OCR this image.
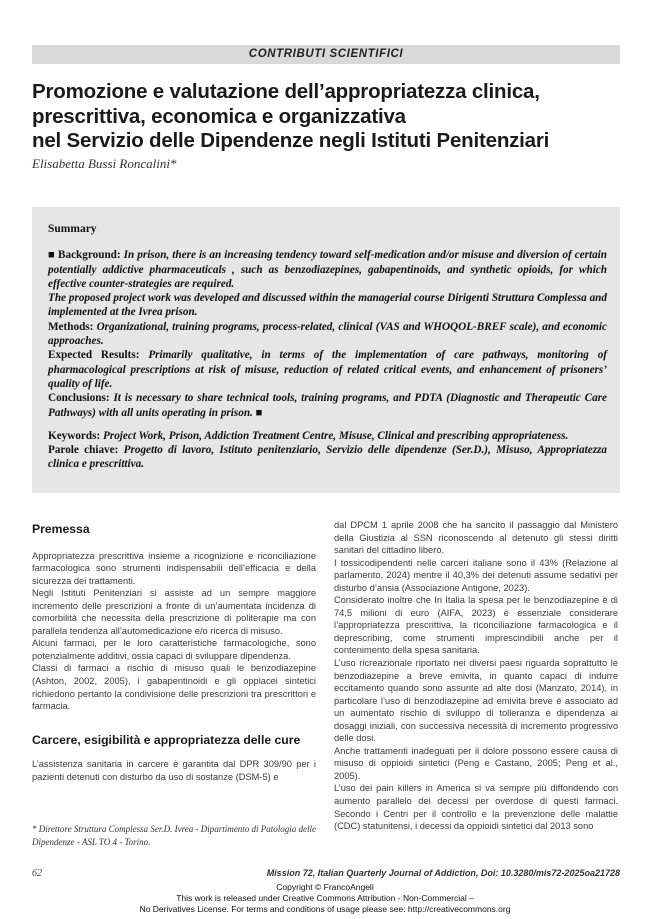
CONTRIBUTI SCIENTIFICI
Promozione e valutazione dell’appropriatezza clinica,
prescrittiva, economica e organizzativa
nel Servizio delle Dipendenze negli Istituti Penitenziari
Elisabetta Bussi Roncalini*
Summary

■ Background: In prison, there is an increasing tendency toward self-medication and/or misuse and diversion of certain potentially addictive pharmaceuticals , such as benzodiazepines, gabapentinoids, and synthetic opioids, for which effective counter-strategies are required.

The proposed project work was developed and discussed within the managerial course Dirigenti Struttura Complessa and implemented at the Ivrea prison.

Methods: Organizational, training programs, process-related, clinical (VAS and WHOQOL-BREF scale), and economic approaches.

Expected Results: Primarily qualitative, in terms of the implementation of care pathways, monitoring of pharmacological prescriptions at risk of misuse, reduction of related critical events, and enhancement of prisoners’ quality of life.

Conclusions: It is necessary to share technical tools, training programs, and PDTA (Diagnostic and Therapeutic Care Pathways) with all units operating in prison. ■

Keywords: Project Work, Prison, Addiction Treatment Centre, Misuse, Clinical and prescribing appropriateness.

Parole chiave: Progetto di lavoro, Istituto penitenziario, Servizio delle dipendenze (Ser.D.), Misuso, Appropriatezza clinica e prescrittiva.

Premessa

Appropriatezza prescrittiva insieme a ricognizione e riconciliazione farmacologica sono strumenti indispensabili dell’efficacia e della sicurezza dei trattamenti.

Negli Istituti Penitenziari si assiste ad un sempre maggiore incremento delle prescrizioni a fronte di un’aumentata incidenza di comorbilità che necessita della prescrizione di politerapie ma con parallela tendenza all’automedicazione e/o ricerca di misuso.

Alcuni farmaci, per le loro caratteristiche farmacologiche, sono potenzialmente additivi, ossia capaci di sviluppare dipendenza.

Classi di farmaci a rischio di misuso quali le benzodiazepine (Ashton, 2002, 2005), i gabapentinoidi e gli oppiacei sintetici richiedono pertanto la condivisione delle prescrizioni tra prescrittori e farmacia.

Carcere, esigibilità e appropriatezza delle cure

L’assistenza sanitaria in carcere è garantita dal DPR 309/90 per i pazienti detenuti con disturbo da uso di sostanze (DSM-5) e

dal DPCM 1 aprile 2008 che ha sancito il passaggio dal Ministero della Giustizia al SSN riconoscendo al detenuto gli stessi diritti sanitari del cittadino libero.

I tossicodipendenti nelle carceri italiane sono il 43% (Relazione al parlamento, 2024) mentre il 40,3% dei detenuti assume sedativi per disturbo d’ansia (Associazione Antigone, 2023).

Considerato inoltre che In Italia la spesa per le benzodiazepine è di 74,5 milioni di euro (AIFA, 2023) è essenziale considerare l’appropriatezza prescrittiva, la riconciliazione farmacologica e il deprescribing, come strumenti imprescindibili anche per il contenimento della spesa sanitaria.

L’uso ricreazionale riportato nei diversi paesi riguarda soprattutto le benzodiazepine a breve emivita, in quanto capaci di indurre eccitamento quando sono assunte ad alte dosi (Manzato, 2014), in particolare l’uso di benzodiazepine ad emivita breve è associato ad un aumentato rischio di sviluppo di tolleranza e dipendenza ai dosaggi iniziali, con successiva necessità di incremento progressivo delle dosi.

Anche trattamenti inadeguati per il dolore possono essere causa di misuso di oppioidi sintetici (Peng e Castano, 2005; Peng et al., 2005).

L’uso dei pain killers in America si va sempre più diffondendo con aumento parallelo dei decessi per overdose di questi farmaci. Secondo i Centri per il controllo e la prevenzione delle malattie (CDC) statunitensi, i decessi da oppioidi sintetici dal 2013 sono

* Direttore Struttura Complessa Ser.D. Ivrea - Dipartimento di Patologia delle Dipendenze - ASL TO 4 - Torino.
62	Mission 72, Italian Quarterly Journal of Addiction, Doi: 10.3280/mis72-2025oa21728
Copyright © FrancoAngeli
This work is released under Creative Commons Attribution - Non-Commercial –
No Derivatives License. For terms and conditions of usage please see: http://creativecommons.org
